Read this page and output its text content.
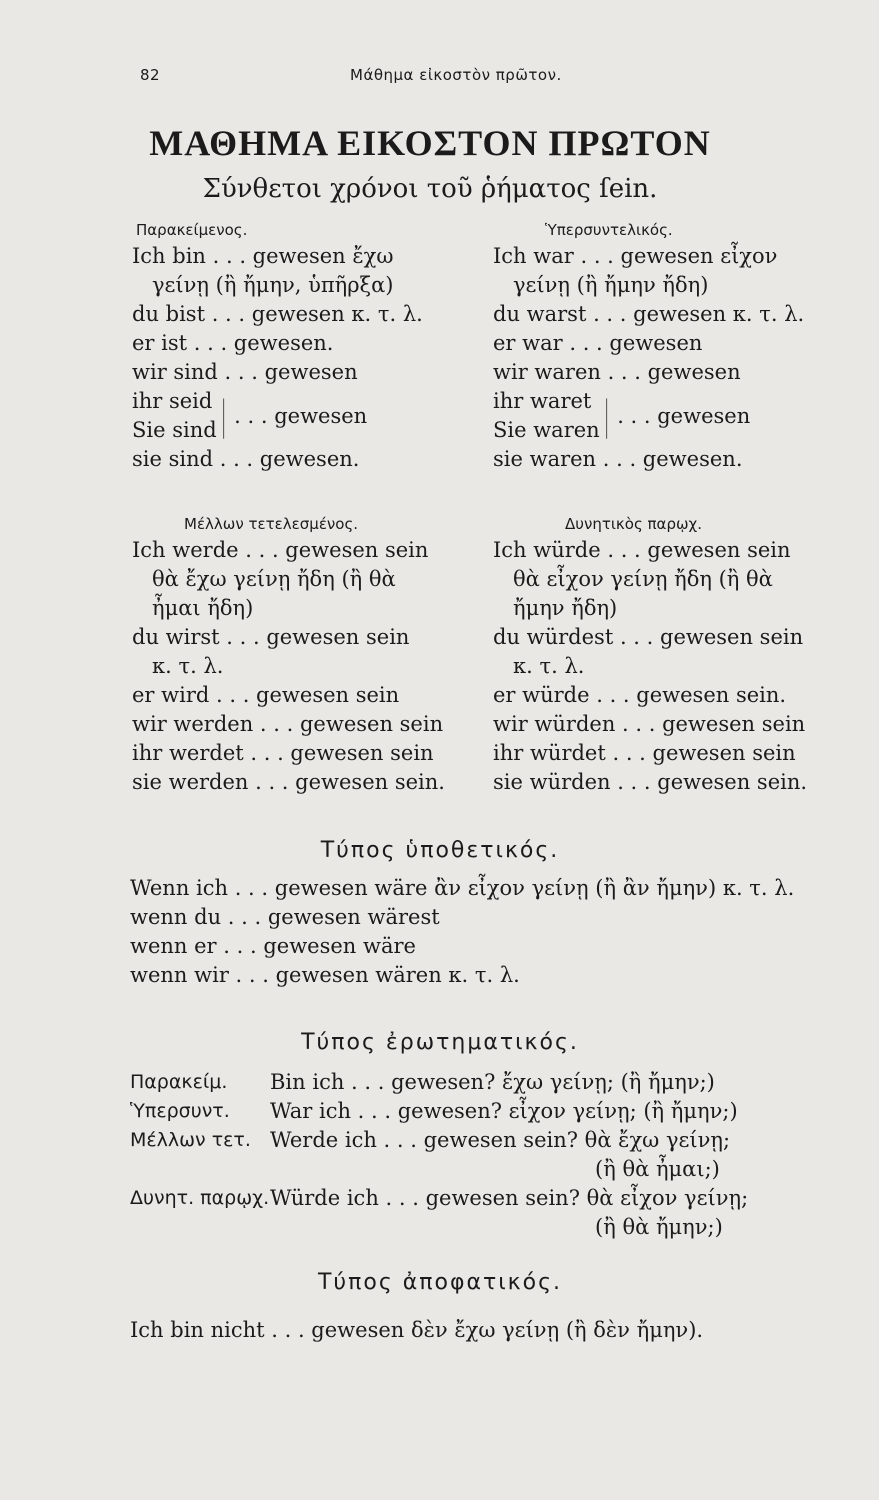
82	Μάθημα εἰκοστὸν πρῶτον.
ΜΑΘΗΜΑ ΕΙΚΟΣΤΟΝ ΠΡΩΤΟΝ
Σύνθετοι χρόνοι τοῦ ῥήματος ſein.
Παρακείμενος.
Ich bin . . . gewesen ἔχω
γείνῃ (ἢ ἤμην, ὑπῆρξα)
du bist . . . gewesen κ. τ. λ.
er ist . . . gewesen.
wir sind . . . gewesen
ihr seid
Sie sind | . . . gewesen
sie sind . . . gewesen.
Ὑπερσυντελικός.
Ich war . . . gewesen εἶχον
γείνῃ (ἢ ἤμην ἤδη)
du warst . . . gewesen κ. τ. λ.
er war . . . gewesen
wir waren . . . gewesen
ihr waret
Sie waren | . . . gewesen
sie waren . . . gewesen.
Μέλλων τετελεσμένος.
Ich werde . . . gewesen sein
θὰ ἔχω γείνῃ ἤδη (ἢ θὰ
ἦμαι ἤδη)
du wirst . . . gewesen sein
κ. τ. λ.
er wird . . . gewesen sein
wir werden . . . gewesen sein
ihr werdet . . . gewesen sein
sie werden . . . gewesen sein.
Δυνητικὸς παρῳχ.
Ich würde . . . gewesen sein
θὰ εἶχον γείνῃ ἤδη (ἢ θὰ
ἤμην ἤδη)
du würdest . . . gewesen sein
κ. τ. λ.
er würde . . . gewesen sein.
wir würden . . . gewesen sein
ihr würdet . . . gewesen sein
sie würden . . . gewesen sein.
Τύπος ὑποθετικός.
Wenn ich . . . gewesen wäre ἂν εἶχον γείνῃ (ἢ ἂν ἤμην) κ. τ. λ.
wenn du . . . gewesen wärest
wenn er . . . gewesen wäre
wenn wir . . . gewesen wären κ. τ. λ.
Τύπος ἐρωτηματικός.
Παρακείμ. Bin ich . . . gewesen? ἔχω γείνῃ; (ἢ ἤμην;)
Ὑπερσυντ. War ich . . . gewesen? εἶχον γείνῃ; (ἢ ἤμην;)
Μέλλων τετ. Werde ich . . . gewesen sein? θὰ ἔχω γείνῃ;
(ἢ θὰ ἦμαι;)
Δυνητ. παρῳχ. Würde ich . . . gewesen sein? θὰ εἶχον γείνῃ;
(ἢ θὰ ἤμην;)
Τύπος ἀποφατικός.
Ich bin nicht . . . gewesen δὲν ἔχω γείνῃ (ἢ δὲν ἤμην).
